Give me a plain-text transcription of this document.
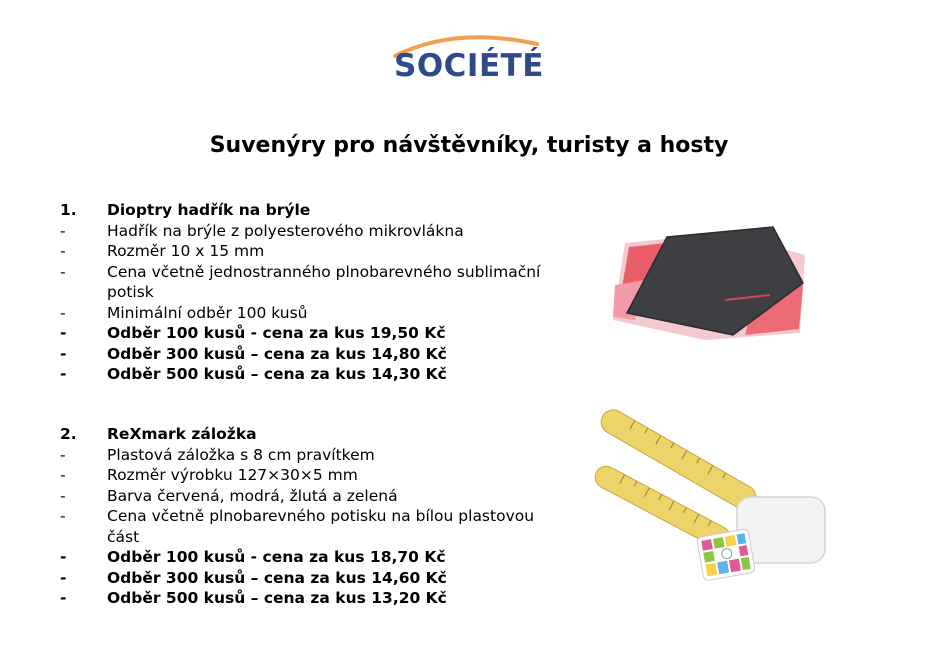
SOCIÉTÉ
Suvenýry pro návštěvníky, turisty a hosty
1. Dioptry hadřík na brýle
-	Hadřík na brýle z polyesterového mikrovlákna
-	Rozměr 10 x 15 mm
-	Cena včetně jednostranného plnobarevného sublimační
potisk
-	Minimální odběr 100 kusů
-	Odběr 100 kusů - cena za kus 19,50 Kč
-	Odběr 300 kusů – cena za kus 14,80 Kč
-	Odběr 500 kusů – cena za kus 14,30 Kč
2. ReXmark záložka
-	Plastová záložka s 8 cm pravítkem
-	Rozměr výrobku 127×30×5 mm
-	Barva červená, modrá, žlutá a zelená
-	Cena včetně plnobarevného potisku na bílou plastovou
část
-	Odběr 100 kusů - cena za kus 18,70 Kč
-	Odběr 300 kusů – cena za kus 14,60 Kč
-	Odběr 500 kusů – cena za kus 13,20 Kč
